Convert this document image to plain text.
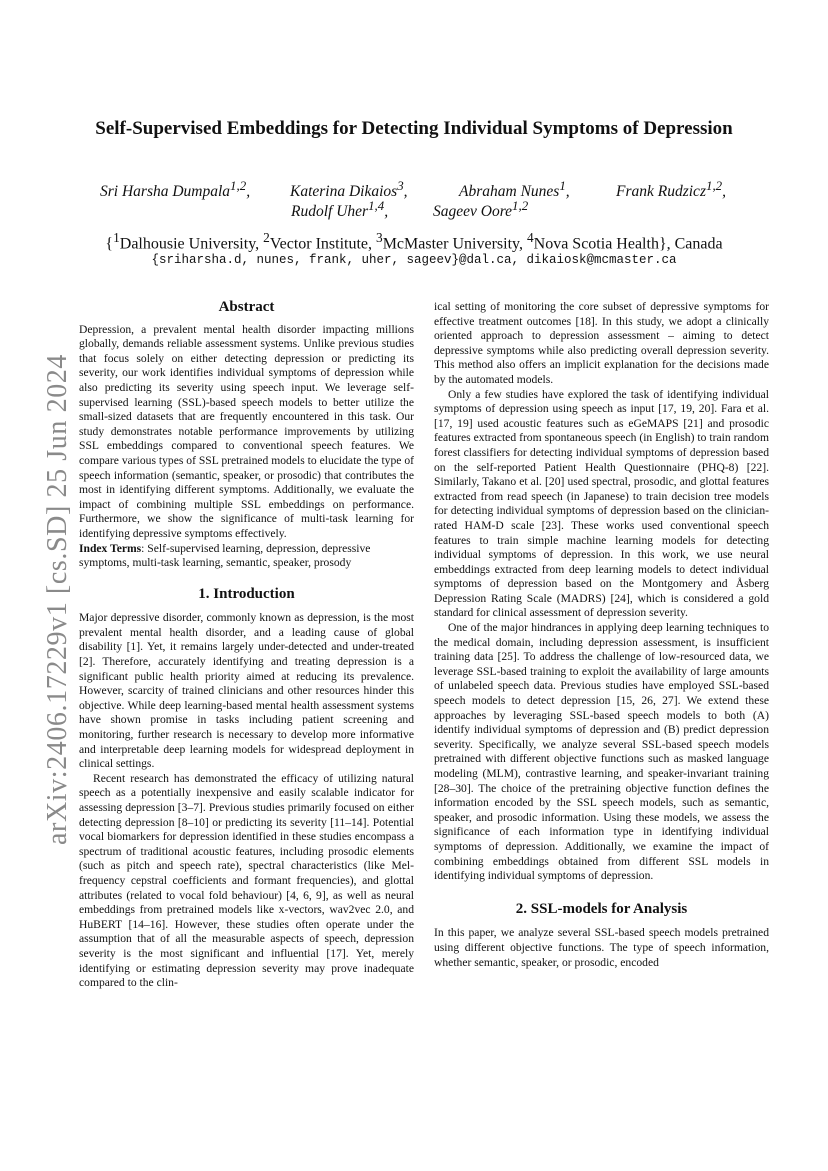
arXiv:2406.17229v1 [cs.SD] 25 Jun 2024
Self-Supervised Embeddings for Detecting Individual Symptoms of Depression
Sri Harsha Dumpala$^{1,2}$,	Katerina Dikaios$^3$,	Abraham Nunes$^1$,	Frank Rudzicz$^{1,2}$,
Rudolf Uher$^{1,4}$,	Sageev Oore$^{1,2}$
{$^1$Dalhousie University, $^2$Vector Institute, $^3$McMaster University, $^4$Nova Scotia Health}, Canada
{sriharsha.d, nunes, frank, uher, sageev}@dal.ca, dikaiosk@mcmaster.ca
Abstract

Depression, a prevalent mental health disorder impacting millions globally, demands reliable assessment systems. Unlike previous studies that focus solely on either detecting depression or predicting its severity, our work identifies individual symptoms of depression while also predicting its severity using speech input. We leverage self-supervised learning (SSL)-based speech models to better utilize the small-sized datasets that are frequently encountered in this task. Our study demonstrates notable performance improvements by utilizing SSL embeddings compared to conventional speech features. We compare various types of SSL pretrained models to elucidate the type of speech information (semantic, speaker, or prosodic) that contributes the most in identifying different symptoms. Additionally, we evaluate the impact of combining multiple SSL embeddings on performance. Furthermore, we show the significance of multi-task learning for identifying depressive symptoms effectively.

Index Terms: Self-supervised learning, depression, depressive symptoms, multi-task learning, semantic, speaker, prosody

1. Introduction

Major depressive disorder, commonly known as depression, is the most prevalent mental health disorder, and a leading cause of global disability [1]. Yet, it remains largely under-detected and under-treated [2]. Therefore, accurately identifying and treating depression is a significant public health priority aimed at reducing its prevalence. However, scarcity of trained clinicians and other resources hinder this objective. While deep learning-based mental health assessment systems have shown promise in tasks including patient screening and monitoring, further research is necessary to develop more informative and interpretable deep learning models for widespread deployment in clinical settings.

Recent research has demonstrated the efficacy of utilizing natural speech as a potentially inexpensive and easily scalable indicator for assessing depression [3–7]. Previous studies primarily focused on either detecting depression [8–10] or predicting its severity [11–14]. Potential vocal biomarkers for depression identified in these studies encompass a spectrum of traditional acoustic features, including prosodic elements (such as pitch and speech rate), spectral characteristics (like Mel-frequency cepstral coefficients and formant frequencies), and glottal attributes (related to vocal fold behaviour) [4, 6, 9], as well as neural embeddings from pretrained models like x-vectors, wav2vec 2.0, and HuBERT [14–16]. However, these studies often operate under the assumption that of all the measurable aspects of speech, depression severity is the most significant and influential [17]. Yet, merely identifying or estimating depression severity may prove inadequate compared to the clin-

ical setting of monitoring the core subset of depressive symptoms for effective treatment outcomes [18]. In this study, we adopt a clinically oriented approach to depression assessment – aiming to detect depressive symptoms while also predicting overall depression severity. This method also offers an implicit explanation for the decisions made by the automated models.

Only a few studies have explored the task of identifying individual symptoms of depression using speech as input [17, 19, 20]. Fara et al. [17, 19] used acoustic features such as eGeMAPS [21] and prosodic features extracted from spontaneous speech (in English) to train random forest classifiers for detecting individual symptoms of depression based on the self-reported Patient Health Questionnaire (PHQ-8) [22]. Similarly, Takano et al. [20] used spectral, prosodic, and glottal features extracted from read speech (in Japanese) to train decision tree models for detecting individual symptoms of depression based on the clinician-rated HAM-D scale [23]. These works used conventional speech features to train simple machine learning models for detecting individual symptoms of depression. In this work, we use neural embeddings extracted from deep learning models to detect individual symptoms of depression based on the Montgomery and Åsberg Depression Rating Scale (MADRS) [24], which is considered a gold standard for clinical assessment of depression severity.

One of the major hindrances in applying deep learning techniques to the medical domain, including depression assessment, is insufficient training data [25]. To address the challenge of low-resourced data, we leverage SSL-based training to exploit the availability of large amounts of unlabeled speech data. Previous studies have employed SSL-based speech models to detect depression [15, 26, 27]. We extend these approaches by leveraging SSL-based speech models to both (A) identify individual symptoms of depression and (B) predict depression severity. Specifically, we analyze several SSL-based speech models pretrained with different objective functions such as masked language modeling (MLM), contrastive learning, and speaker-invariant training [28–30]. The choice of the pretraining objective function defines the information encoded by the SSL speech models, such as semantic, speaker, and prosodic information. Using these models, we assess the significance of each information type in identifying individual symptoms of depression. Additionally, we examine the impact of combining embeddings obtained from different SSL models in identifying individual symptoms of depression.

2. SSL-models for Analysis

In this paper, we analyze several SSL-based speech models pretrained using different objective functions. The type of speech information, whether semantic, speaker, or prosodic, encoded
